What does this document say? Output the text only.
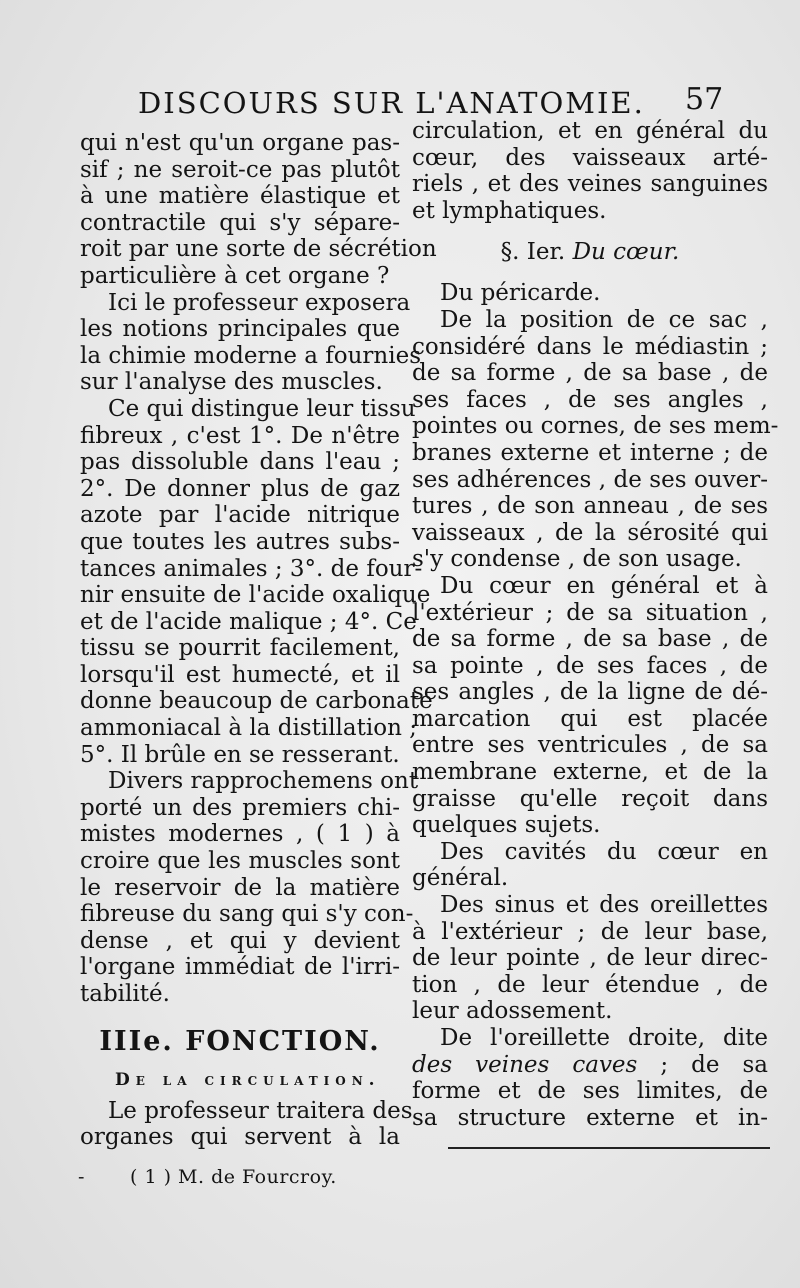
DISCOURS SUR L'ANATOMIE. 57
qui n'est qu'un organe pas-
sif ; ne seroit-ce pas plutôt
à une matière élastique et
contractile qui s'y sépare-
roit par une sorte de sécrétion
particulière à cet organe ?
Ici le professeur exposera
les notions principales que
la chimie moderne a fournies
sur l'analyse des muscles.
Ce qui distingue leur tissu
fibreux , c'est 1°. De n'être
pas dissoluble dans l'eau ;
2°. De donner plus de gaz
azote par l'acide nitrique
que toutes les autres subs-
tances animales ; 3°. de four-
nir ensuite de l'acide oxalique
et de l'acide malique ; 4°. Ce
tissu se pourrit facilement,
lorsqu'il est humecté, et il
donne beaucoup de carbonate
ammoniacal à la distillation ;
5°. Il brûle en se resserant.
Divers rapprochemens ont
porté un des premiers chi-
mistes modernes , ( 1 ) à
croire que les muscles sont
le reservoir de la matière
fibreuse du sang qui s'y con-
dense , et qui y devient
l'organe immédiat de l'irri-
tabilité.
IIIe. FONCTION.
De la circulation.
Le professeur traitera des
organes qui servent à la
circulation, et en général du
cœur, des vaisseaux arté-
riels , et des veines sanguines
et lymphatiques.
§. Ier. Du cœur.
Du péricarde.
De la position de ce sac ,
considéré dans le médiastin ;
de sa forme , de sa base , de
ses faces , de ses angles ,
pointes ou cornes, de ses mem-
branes externe et interne ; de
ses adhérences , de ses ouver-
tures , de son anneau , de ses
vaisseaux , de la sérosité qui
s'y condense , de son usage.
Du cœur en général et à
l'extérieur ; de sa situation ,
de sa forme , de sa base , de
sa pointe , de ses faces , de
ses angles , de la ligne de dé-
marcation qui est placée
entre ses ventricules , de sa
membrane externe, et de la
graisse qu'elle reçoit dans
quelques sujets.
Des cavités du cœur en
général.
Des sinus et des oreillettes
à l'extérieur ; de leur base,
de leur pointe , de leur direc-
tion , de leur étendue , de
leur adossement.
De l'oreillette droite, dite
des veines caves ; de sa
forme et de ses limites, de
sa structure externe et in-
- ( 1 ) M. de Fourcroy.
